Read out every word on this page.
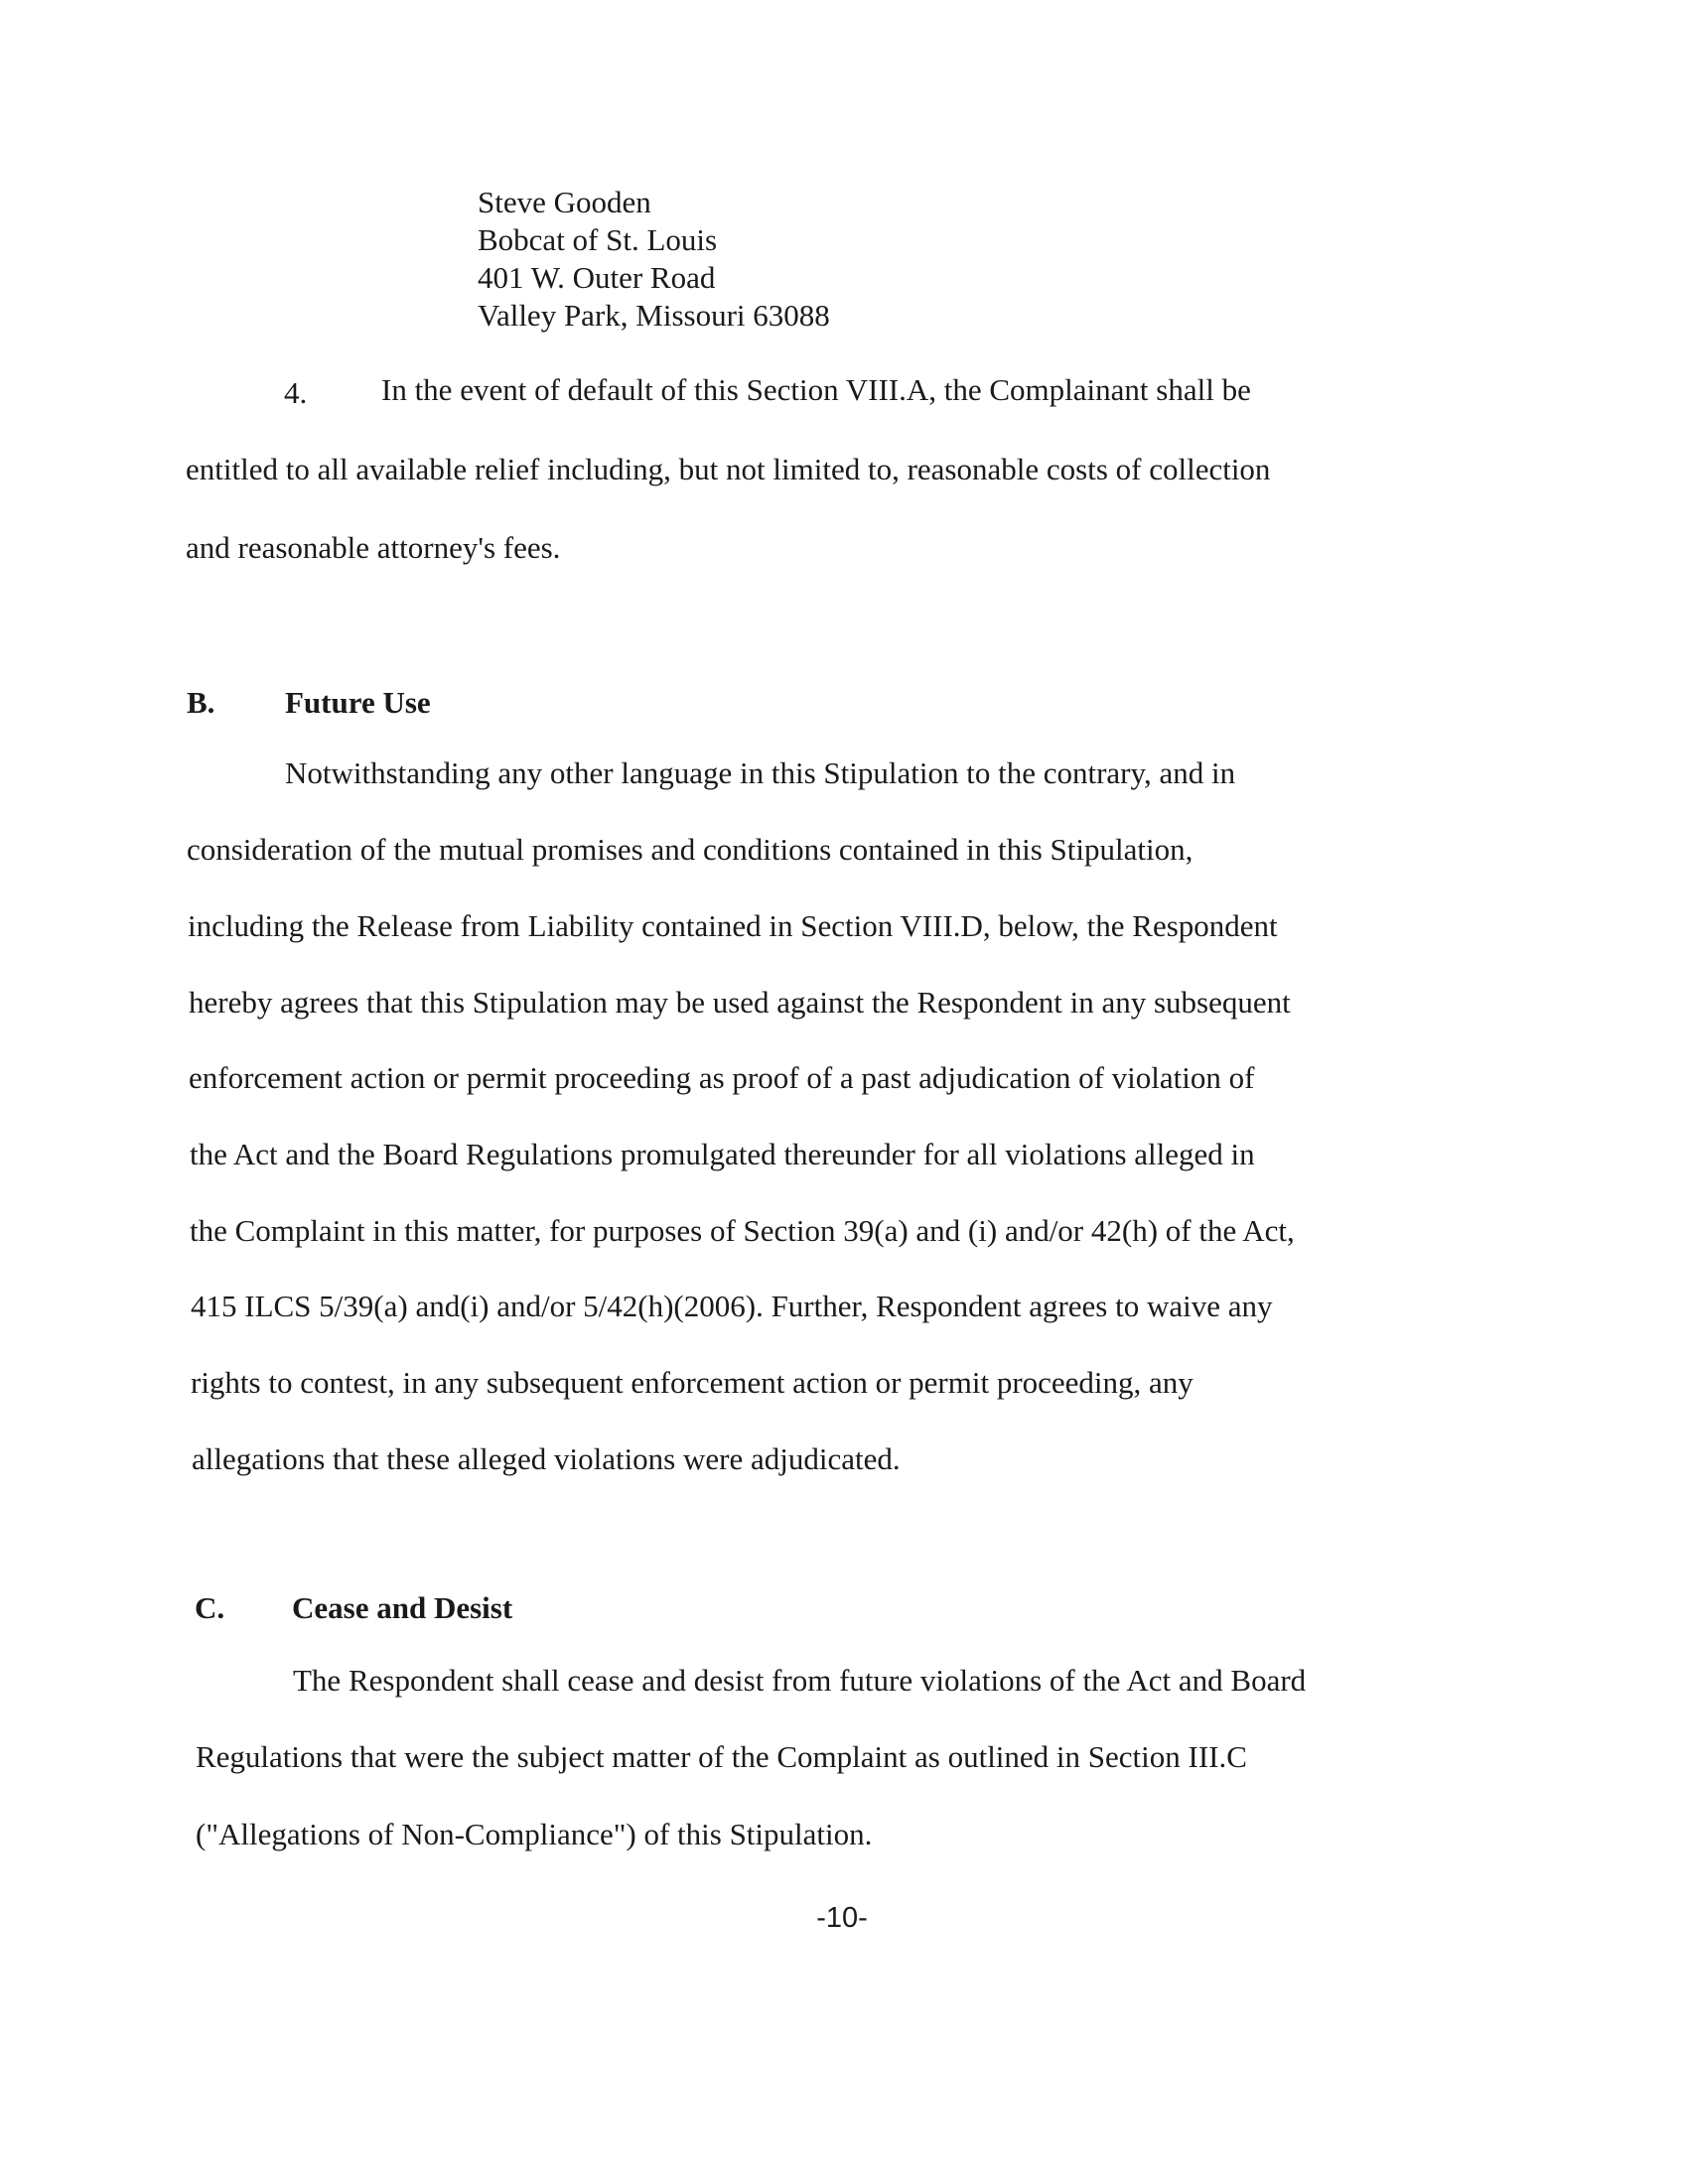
Steve Gooden
Bobcat of St. Louis
401 W. Outer Road
Valley Park, Missouri 63088
4. In the event of default of this Section VIII.A, the Complainant shall be
entitled to all available relief including, but not limited to, reasonable costs of collection
and reasonable attorney's fees.
B. Future Use
Notwithstanding any other language in this Stipulation to the contrary, and in
consideration of the mutual promises and conditions contained in this Stipulation,
including the Release from Liability contained in Section VIII.D, below, the Respondent
hereby agrees that this Stipulation may be used against the Respondent in any subsequent
enforcement action or permit proceeding as proof of a past adjudication of violation of
the Act and the Board Regulations promulgated thereunder for all violations alleged in
the Complaint in this matter, for purposes of Section 39(a) and (i) and/or 42(h) of the Act,
415 ILCS 5/39(a) and(i) and/or 5/42(h)(2006). Further, Respondent agrees to waive any
rights to contest, in any subsequent enforcement action or permit proceeding, any
allegations that these alleged violations were adjudicated.
C. Cease and Desist
The Respondent shall cease and desist from future violations of the Act and Board
Regulations that were the subject matter of the Complaint as outlined in Section III.C
("Allegations of Non-Compliance") of this Stipulation.
-10-
